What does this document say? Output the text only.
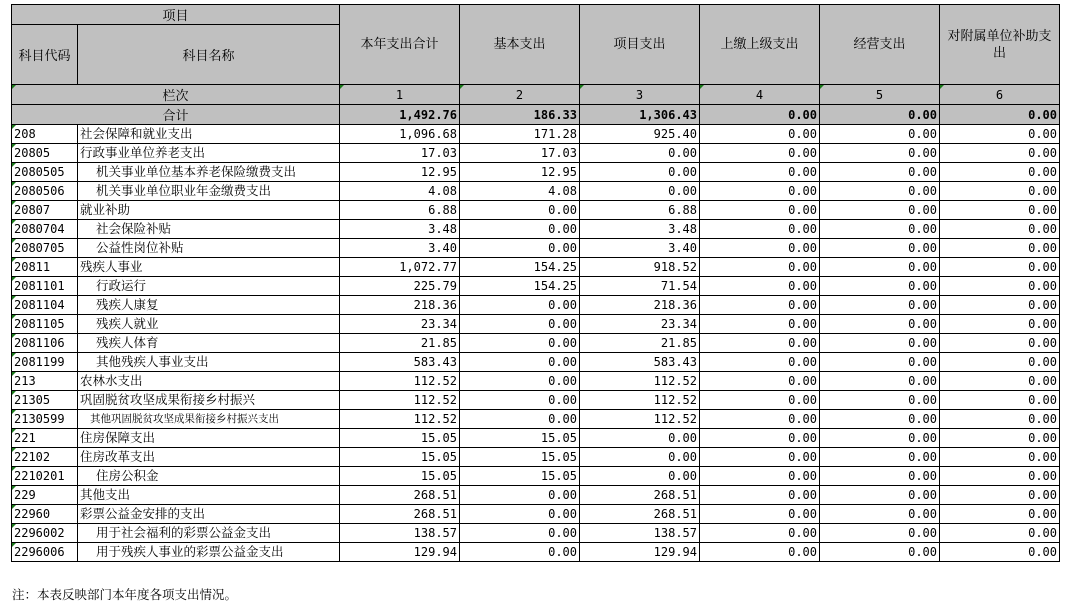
项目		本年支出合计	基本支出	项目支出	上缴上级支出	经营支出	对附属单位补助支出
科目代码	科目名称						
栏次		1	2	3	4	5	6
合计		1,492.76	186.33	1,306.43	0.00	0.00	0.00
208	社会保障和就业支出	1,096.68	171.28	925.40	0.00	0.00	0.00
20805	行政事业单位养老支出	17.03	17.03	0.00	0.00	0.00	0.00
2080505	机关事业单位基本养老保险缴费支出	12.95	12.95	0.00	0.00	0.00	0.00
2080506	机关事业单位职业年金缴费支出	4.08	4.08	0.00	0.00	0.00	0.00
20807	就业补助	6.88	0.00	6.88	0.00	0.00	0.00
2080704	社会保险补贴	3.48	0.00	3.48	0.00	0.00	0.00
2080705	公益性岗位补贴	3.40	0.00	3.40	0.00	0.00	0.00
20811	残疾人事业	1,072.77	154.25	918.52	0.00	0.00	0.00
2081101	行政运行	225.79	154.25	71.54	0.00	0.00	0.00
2081104	残疾人康复	218.36	0.00	218.36	0.00	0.00	0.00
2081105	残疾人就业	23.34	0.00	23.34	0.00	0.00	0.00
2081106	残疾人体育	21.85	0.00	21.85	0.00	0.00	0.00
2081199	其他残疾人事业支出	583.43	0.00	583.43	0.00	0.00	0.00
213	农林水支出	112.52	0.00	112.52	0.00	0.00	0.00
21305	巩固脱贫攻坚成果衔接乡村振兴	112.52	0.00	112.52	0.00	0.00	0.00
2130599	其他巩固脱贫攻坚成果衔接乡村振兴支出	112.52	0.00	112.52	0.00	0.00	0.00
221	住房保障支出	15.05	15.05	0.00	0.00	0.00	0.00
22102	住房改革支出	15.05	15.05	0.00	0.00	0.00	0.00
2210201	住房公积金	15.05	15.05	0.00	0.00	0.00	0.00
229	其他支出	268.51	0.00	268.51	0.00	0.00	0.00
22960	彩票公益金安排的支出	268.51	0.00	268.51	0.00	0.00	0.00
2296002	用于社会福利的彩票公益金支出	138.57	0.00	138.57	0.00	0.00	0.00
2296006	用于残疾人事业的彩票公益金支出	129.94	0.00	129.94	0.00	0.00	0.00
注：本表反映部门本年度各项支出情况。
